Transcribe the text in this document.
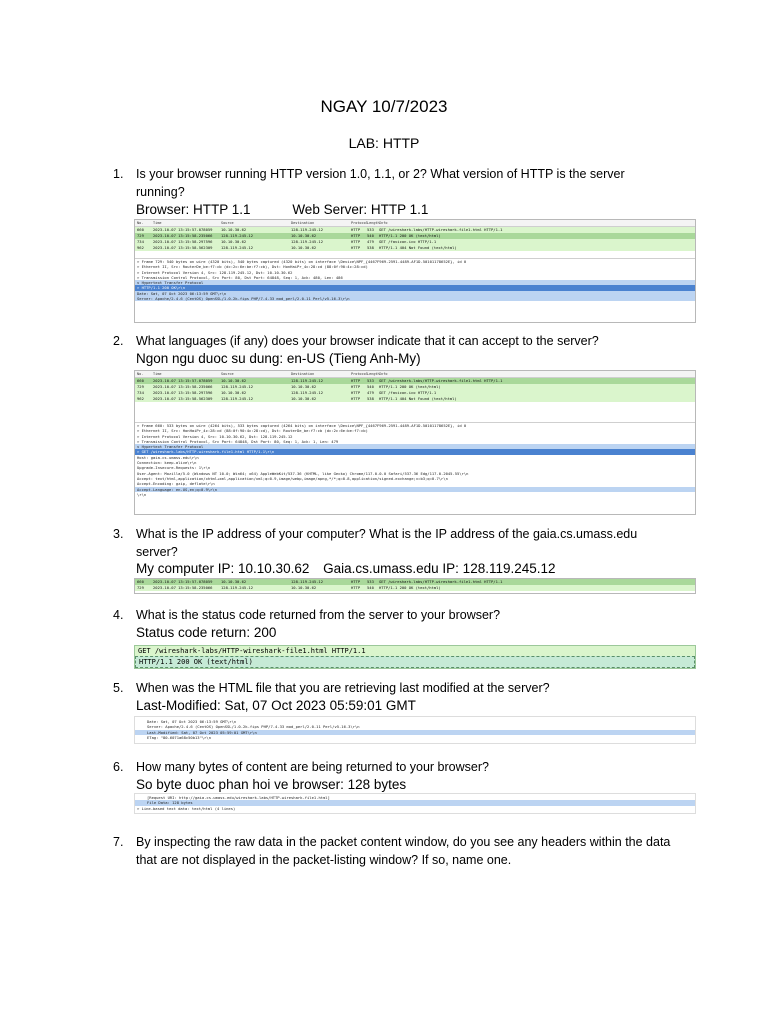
NGAY 10/7/2023
LAB: HTTP
1. Is your browser running HTTP version 1.0, 1.1, or 2? What version of HTTP is the server running?
Browser: HTTP 1.1	Web Server: HTTP 1.1
No.	Time	Source	Destination	ProtocolLengthInfo
660 2023-10-07 13:15:57.078059 10.10.30.62	128.119.245.12	HTTP 533 GET /wireshark-labs/HTTP-wireshark-file1.html HTTP/1.1
729 2023-10-07 13:15:58.235066 128.119.245.12	10.10.30.62	HTTP 540 HTTP/1.1 200 OK (text/html)
734 2023-10-07 13:15:58.297596 10.10.30.62	128.119.245.12	HTTP 479 GET /favicon.ico HTTP/1.1
962 2023-10-07 13:15:58.562309 128.119.245.12	10.10.30.62	HTTP 538 HTTP/1.1 404 Not Found (text/html)
> Frame 729: 540 bytes on wire (4320 bits), 540 bytes captured (4320 bits) on interface \Device\NPF_{4467F969-2591-4489-AF1D-50101178652E}, id 0
> Ethernet II, Src: RouterDe_be:f7:cb (dc:2c:6e:be:f7:cb), Dst: HonHaiPr_4c:28:cd (88:0f:90:4c:28:cd)
> Internet Protocol Version 4, Src: 128.119.245.12, Dst: 10.10.30.62
> Transmission Control Protocol, Src Port: 80, Dst Port: 64848, Seq: 1, Ack: 480, Len: 486
v Hypertext Transfer Protocol
> HTTP/1.1 200 OK\r\n
Date: Sat, 07 Oct 2023 06:13:59 GMT\r\n
Server: Apache/2.4.6 (CentOS) OpenSSL/1.0.2k-fips PHP/7.4.33 mod_perl/2.0.11 Perl/v5.16.3\r\n
2. What languages (if any) does your browser indicate that it can accept to the server?
Ngon ngu duoc su dung: en-US (Tieng Anh-My)
No.	Time	Source	Destination	ProtocolLengthInfo
660 2023-10-07 13:15:57.078059 10.10.30.62	128.119.245.12	HTTP 533 GET /wireshark-labs/HTTP-wireshark-file1.html HTTP/1.1
729 2023-10-07 13:15:58.235066 128.119.245.12	10.10.30.62	HTTP 540 HTTP/1.1 200 OK (text/html)
734 2023-10-07 13:15:58.297596 10.10.30.62	128.119.245.12	HTTP 479 GET /favicon.ico HTTP/1.1
962 2023-10-07 13:15:58.562309 128.119.245.12	10.10.30.62	HTTP 538 HTTP/1.1 404 Not Found (text/html)
> Frame 660: 533 bytes on wire (4264 bits), 533 bytes captured (4264 bits) on interface \Device\NPF_{4467F969-2591-4489-AF1D-50101178652E}, id 0
> Ethernet II, Src: HonHaiPr_4c:28:cd (88:0f:90:4c:28:cd), Dst: RouterDe_be:f7:cb (dc:2c:6e:be:f7:cb)
> Internet Protocol Version 4, Src: 10.10.30.62, Dst: 128.119.245.12
> Transmission Control Protocol, Src Port: 64848, Dst Port: 80, Seq: 1, Ack: 1, Len: 479
v Hypertext Transfer Protocol
> GET /wireshark-labs/HTTP-wireshark-file1.html HTTP/1.1\r\n
Host: gaia.cs.umass.edu\r\n
Connection: keep-alive\r\n
Upgrade-Insecure-Requests: 1\r\n
User-Agent: Mozilla/5.0 (Windows NT 10.0; Win64; x64) AppleWebKit/537.36 (KHTML, like Gecko) Chrome/117.0.0.0 Safari/537.36 Edg/117.0.2045.55\r\n
Accept: text/html,application/xhtml+xml,application/xml;q=0.9,image/webp,image/apng,*/*;q=0.8,application/signed-exchange;v=b3;q=0.7\r\n
Accept-Encoding: gzip, deflate\r\n
Accept-Language: en-US,en;q=0.9\r\n
\r\n
3. What is the IP address of your computer? What is the IP address of the gaia.cs.umass.edu server?
My computer IP: 10.10.30.62 Gaia.cs.umass.edu IP: 128.119.245.12
660 2023-10-07 13:15:57.078059 10.10.30.62	128.119.245.12	HTTP 533 GET /wireshark-labs/HTTP-wireshark-file1.html HTTP/1.1
729 2023-10-07 13:15:58.235066 128.119.245.12	10.10.30.62	HTTP 540 HTTP/1.1 200 OK (text/html)
4. What is the status code returned from the server to your browser?
Status code return: 200
GET /wireshark-labs/HTTP-wireshark-file1.html HTTP/1.1
HTTP/1.1 200 OK (text/html)
5. When was the HTML file that you are retrieving last modified at the server?
Last-Modified: Sat, 07 Oct 2023 05:59:01 GMT
Date: Sat, 07 Oct 2023 06:13:59 GMT\r\n
Server: Apache/2.4.6 (CentOS) OpenSSL/1.0.2k-fips PHP/7.4.33 mod_perl/2.0.11 Perl/v5.16.3\r\n
Last-Modified: Sat, 07 Oct 2023 05:59:01 GMT\r\n
ETag: "80-6071a68c50b13"\r\n
6. How many bytes of content are being returned to your browser?
So byte duoc phan hoi ve browser: 128 bytes
[Request URI: http://gaia.cs.umass.edu/wireshark-labs/HTTP-wireshark-file1.html]
File Data: 128 bytes
> Line-based text data: text/html (4 lines)
7. By inspecting the raw data in the packet content window, do you see any headers within the data that are not displayed in the packet-listing window? If so, name one.
